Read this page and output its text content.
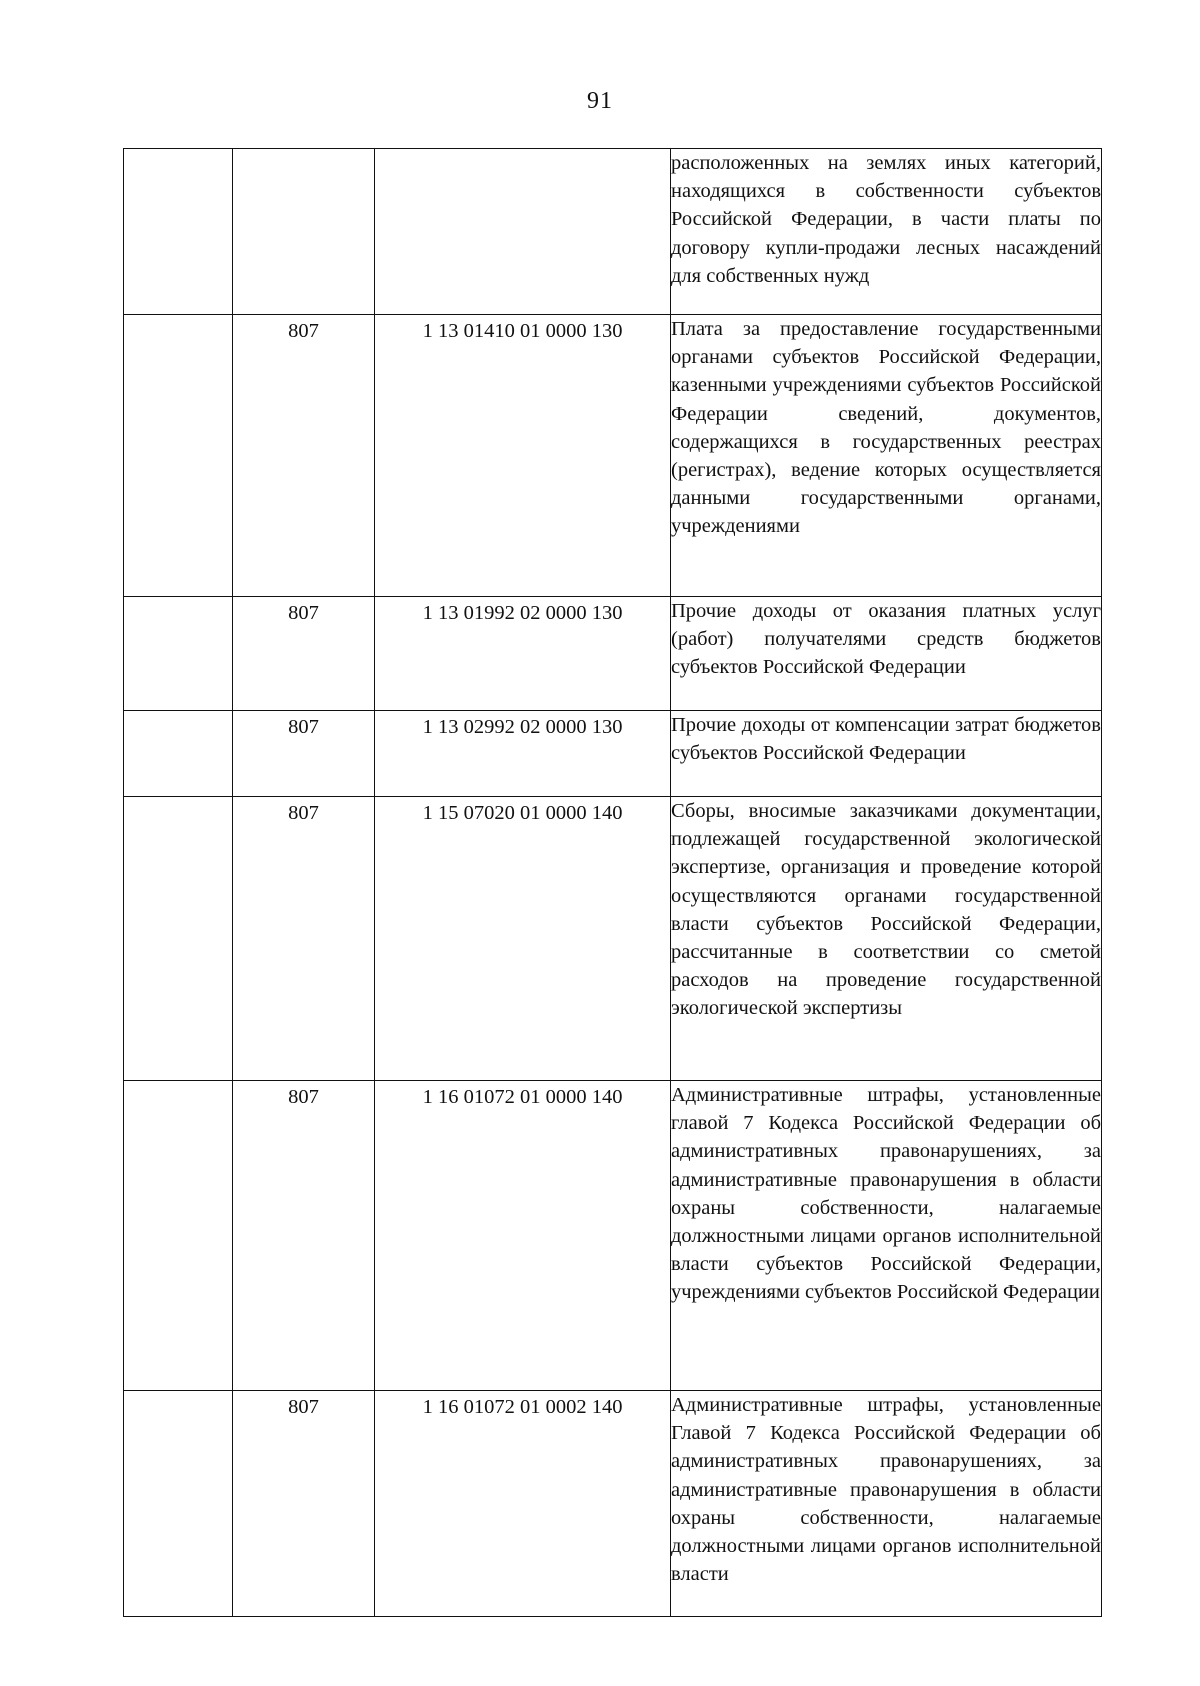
91
			расположенных на землях иных категорий, находящихся в собственности субъектов Российской Федерации, в части платы по договору купли-продажи лесных насаждений для собственных нужд
	807	1 13 01410 01 0000 130	Плата за предоставление государственными органами субъектов Российской Федерации, казенными учреждениями субъектов Российской Федерации сведений, документов, содержащихся в государственных реестрах (регистрах), ведение которых осуществляется данными государственными органами, учреждениями
	807	1 13 01992 02 0000 130	Прочие доходы от оказания платных услуг (работ) получателями средств бюджетов субъектов Российской Федерации
	807	1 13 02992 02 0000 130	Прочие доходы от компенсации затрат бюджетов субъектов Российской Федерации
	807	1 15 07020 01 0000 140	Сборы, вносимые заказчиками документации, подлежащей государственной экологической экспертизе, организация и проведение которой осуществляются органами государственной власти субъектов Российской Федерации, рассчитанные в соответствии со сметой расходов на проведение государственной экологической экспертизы
	807	1 16 01072 01 0000 140	Административные штрафы, установленные главой 7 Кодекса Российской Федерации об административных правонарушениях, за административные правонарушения в области охраны собственности, налагаемые должностными лицами органов исполнительной власти субъектов Российской Федерации, учреждениями субъектов Российской Федерации
	807	1 16 01072 01 0002 140	Административные штрафы, установленные Главой 7 Кодекса Российской Федерации об административных правонарушениях, за административные правонарушения в области охраны собственности, налагаемые должностными лицами органов исполнительной власти
